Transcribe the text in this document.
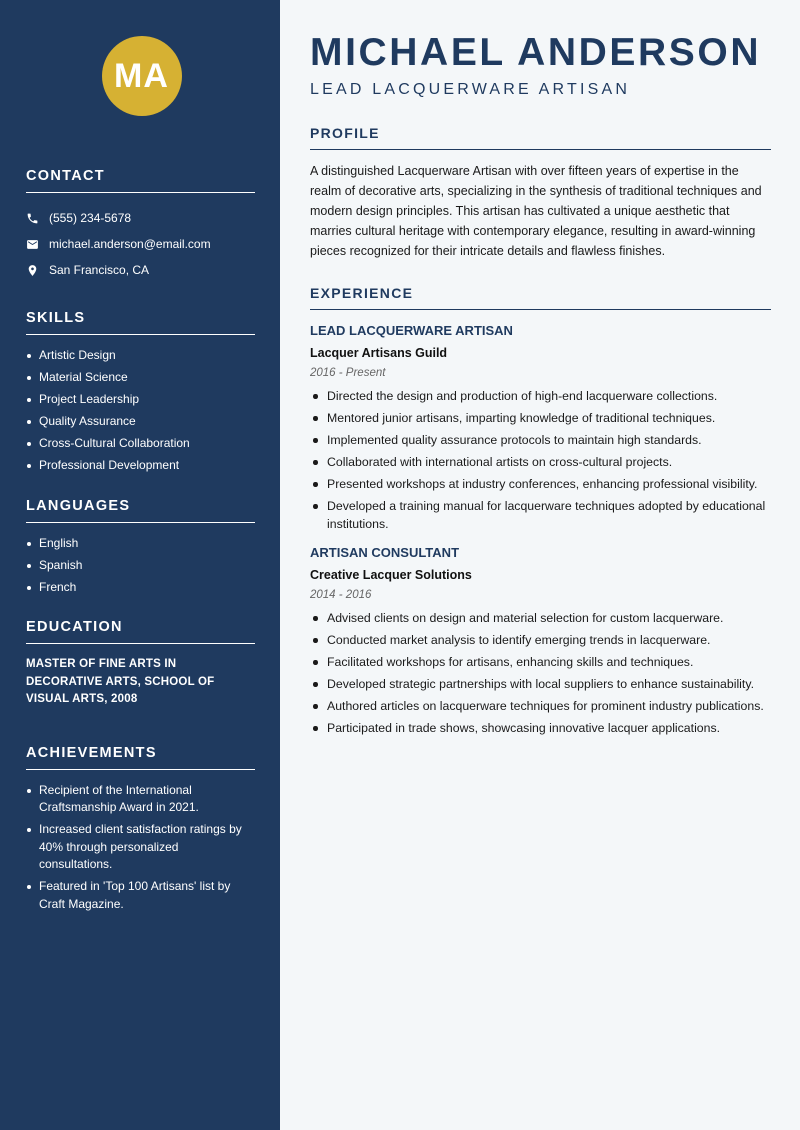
MA
CONTACT
(555) 234-5678
michael.anderson@email.com
San Francisco, CA
SKILLS
Artistic Design
Material Science
Project Leadership
Quality Assurance
Cross-Cultural Collaboration
Professional Development
LANGUAGES
English
Spanish
French
EDUCATION
MASTER OF FINE ARTS IN DECORATIVE ARTS, SCHOOL OF VISUAL ARTS, 2008
ACHIEVEMENTS
Recipient of the International Craftsmanship Award in 2021.
Increased client satisfaction ratings by 40% through personalized consultations.
Featured in 'Top 100 Artisans' list by Craft Magazine.
MICHAEL ANDERSON
LEAD LACQUERWARE ARTISAN
PROFILE
A distinguished Lacquerware Artisan with over fifteen years of expertise in the realm of decorative arts, specializing in the synthesis of traditional techniques and modern design principles. This artisan has cultivated a unique aesthetic that marries cultural heritage with contemporary elegance, resulting in award-winning pieces recognized for their intricate details and flawless finishes.
EXPERIENCE
LEAD LACQUERWARE ARTISAN
Lacquer Artisans Guild
2016 - Present
Directed the design and production of high-end lacquerware collections.
Mentored junior artisans, imparting knowledge of traditional techniques.
Implemented quality assurance protocols to maintain high standards.
Collaborated with international artists on cross-cultural projects.
Presented workshops at industry conferences, enhancing professional visibility.
Developed a training manual for lacquerware techniques adopted by educational institutions.
ARTISAN CONSULTANT
Creative Lacquer Solutions
2014 - 2016
Advised clients on design and material selection for custom lacquerware.
Conducted market analysis to identify emerging trends in lacquerware.
Facilitated workshops for artisans, enhancing skills and techniques.
Developed strategic partnerships with local suppliers to enhance sustainability.
Authored articles on lacquerware techniques for prominent industry publications.
Participated in trade shows, showcasing innovative lacquer applications.
